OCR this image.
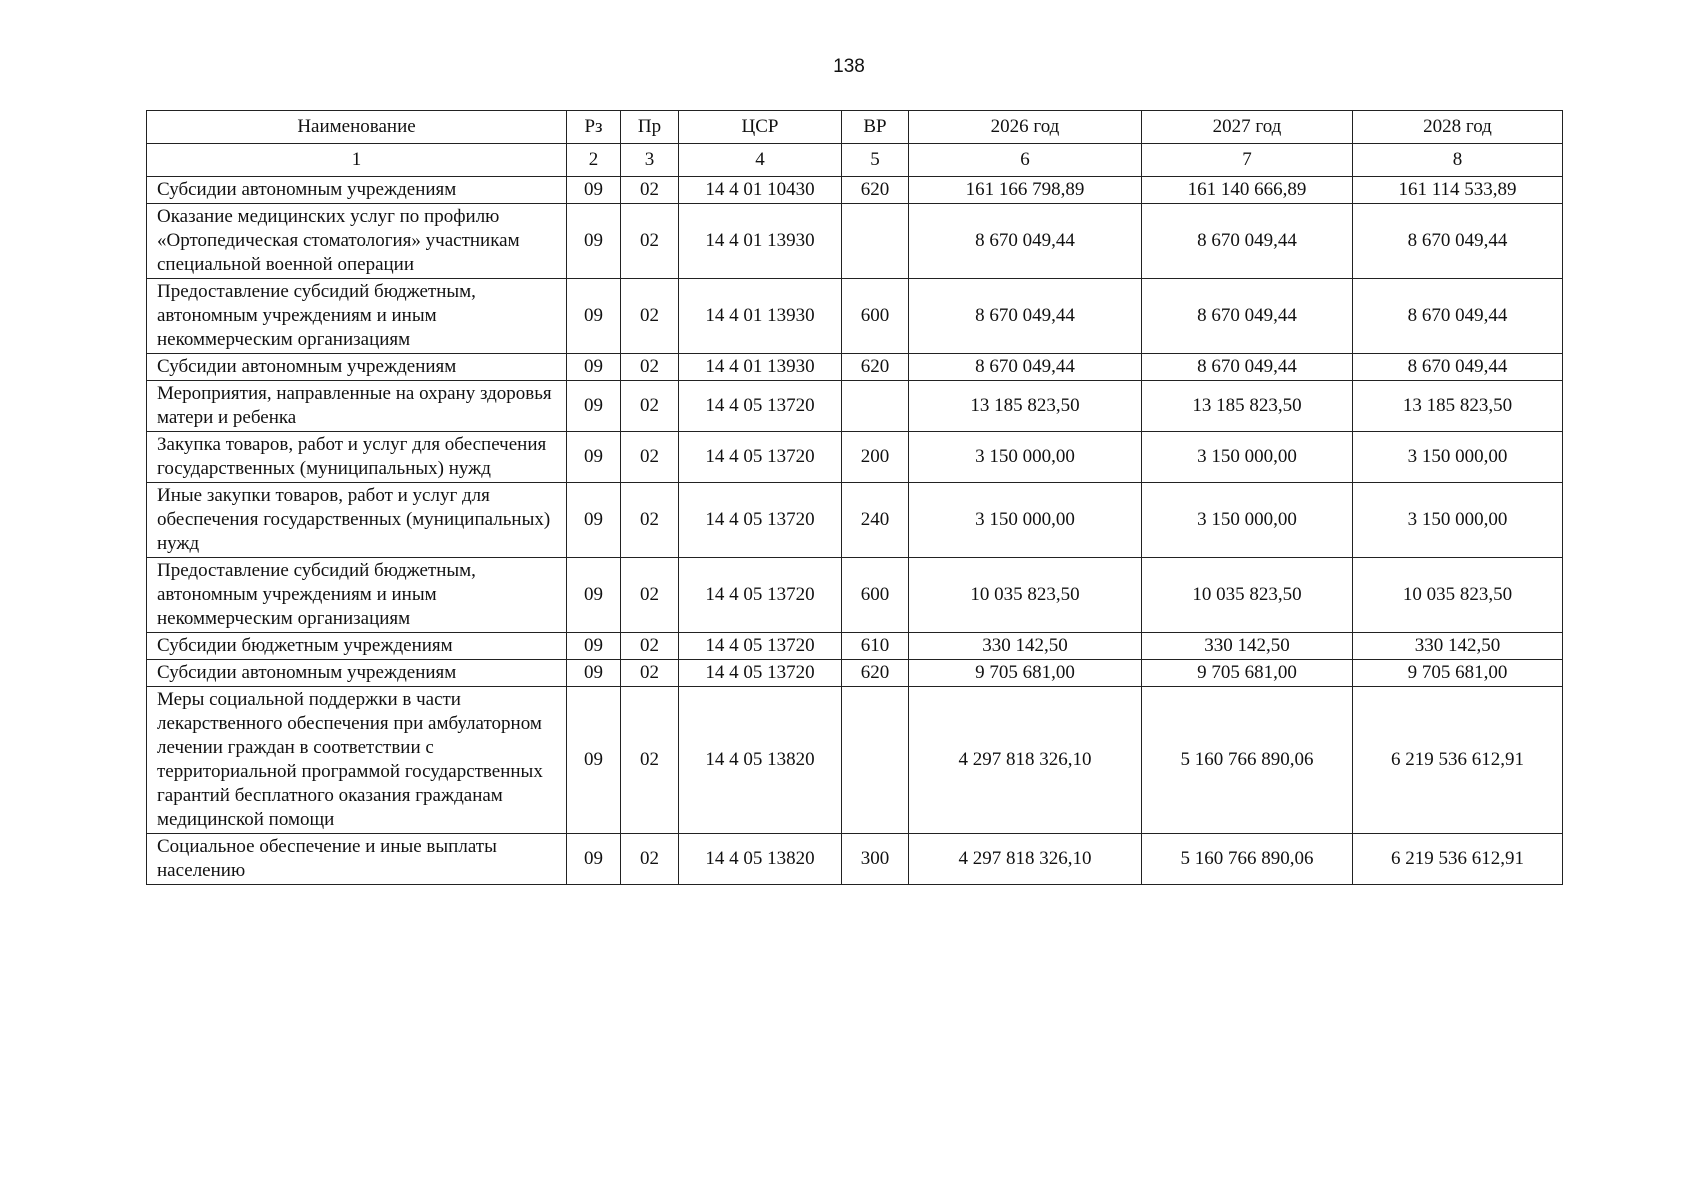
138
Наименование	Рз	Пр	ЦСР	ВР	2026 год	2027 год	2028 год
1	2	3	4	5	6	7	8
Субсидии автономным учреждениям	09	02	14 4 01 10430	620	161 166 798,89	161 140 666,89	161 114 533,89
Оказание медицинских услуг по профилю «Ортопедическая стоматология» участникам специальной военной операции	09	02	14 4 01 13930		8 670 049,44	8 670 049,44	8 670 049,44
Предоставление субсидий бюджетным, автономным учреждениям и иным некоммерческим организациям	09	02	14 4 01 13930	600	8 670 049,44	8 670 049,44	8 670 049,44
Субсидии автономным учреждениям	09	02	14 4 01 13930	620	8 670 049,44	8 670 049,44	8 670 049,44
Мероприятия, направленные на охрану здоровья матери и ребенка	09	02	14 4 05 13720		13 185 823,50	13 185 823,50	13 185 823,50
Закупка товаров, работ и услуг для обеспечения государственных (муниципальных) нужд	09	02	14 4 05 13720	200	3 150 000,00	3 150 000,00	3 150 000,00
Иные закупки товаров, работ и услуг для обеспечения государственных (муниципальных) нужд	09	02	14 4 05 13720	240	3 150 000,00	3 150 000,00	3 150 000,00
Предоставление субсидий бюджетным, автономным учреждениям и иным некоммерческим организациям	09	02	14 4 05 13720	600	10 035 823,50	10 035 823,50	10 035 823,50
Субсидии бюджетным учреждениям	09	02	14 4 05 13720	610	330 142,50	330 142,50	330 142,50
Субсидии автономным учреждениям	09	02	14 4 05 13720	620	9 705 681,00	9 705 681,00	9 705 681,00
Меры социальной поддержки в части лекарственного обеспечения при амбулаторном лечении граждан в соответствии с территориальной программой государственных гарантий бесплатного оказания гражданам медицинской помощи	09	02	14 4 05 13820		4 297 818 326,10	5 160 766 890,06	6 219 536 612,91
Социальное обеспечение и иные выплаты населению	09	02	14 4 05 13820	300	4 297 818 326,10	5 160 766 890,06	6 219 536 612,91
